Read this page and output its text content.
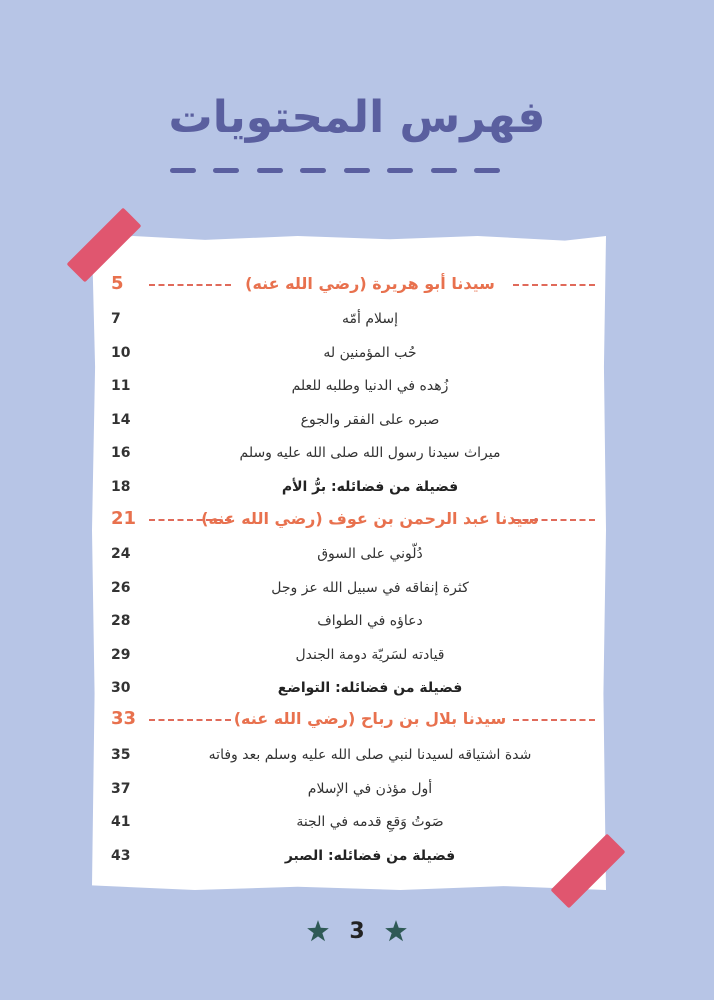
فهرس المحتويات
5	سيدنا أبو هريرة (رضي الله عنه)
7	إسلام أمّه
10	حُب المؤمنين له
11	زُهده في الدنيا وطلبه للعلم
14	صبره على الفقر والجوع
16	ميراث سيدنا رسول الله صلى الله عليه وسلم
18	فضيلة من فضائله: برُّ الأم
21	سيدنا عبد الرحمن بن عوف (رضي الله عنه)
24	دُلّوني على السوق
26	كثرة إنفاقه في سبيل الله عز وجل
28	دعاؤه في الطواف
29	قيادته لسَريّة دومة الجندل
30	فضيلة من فضائله: التواضع
33	سيدنا بلال بن رباح (رضي الله عنه)
35	شدة اشتياقه لسيدنا لنبي صلى الله عليه وسلم بعد وفاته
37	أول مؤذن في الإسلام
41	صَوتُ وَقعِ قدمه في الجنة
43	فضيلة من فضائله: الصبر
3
